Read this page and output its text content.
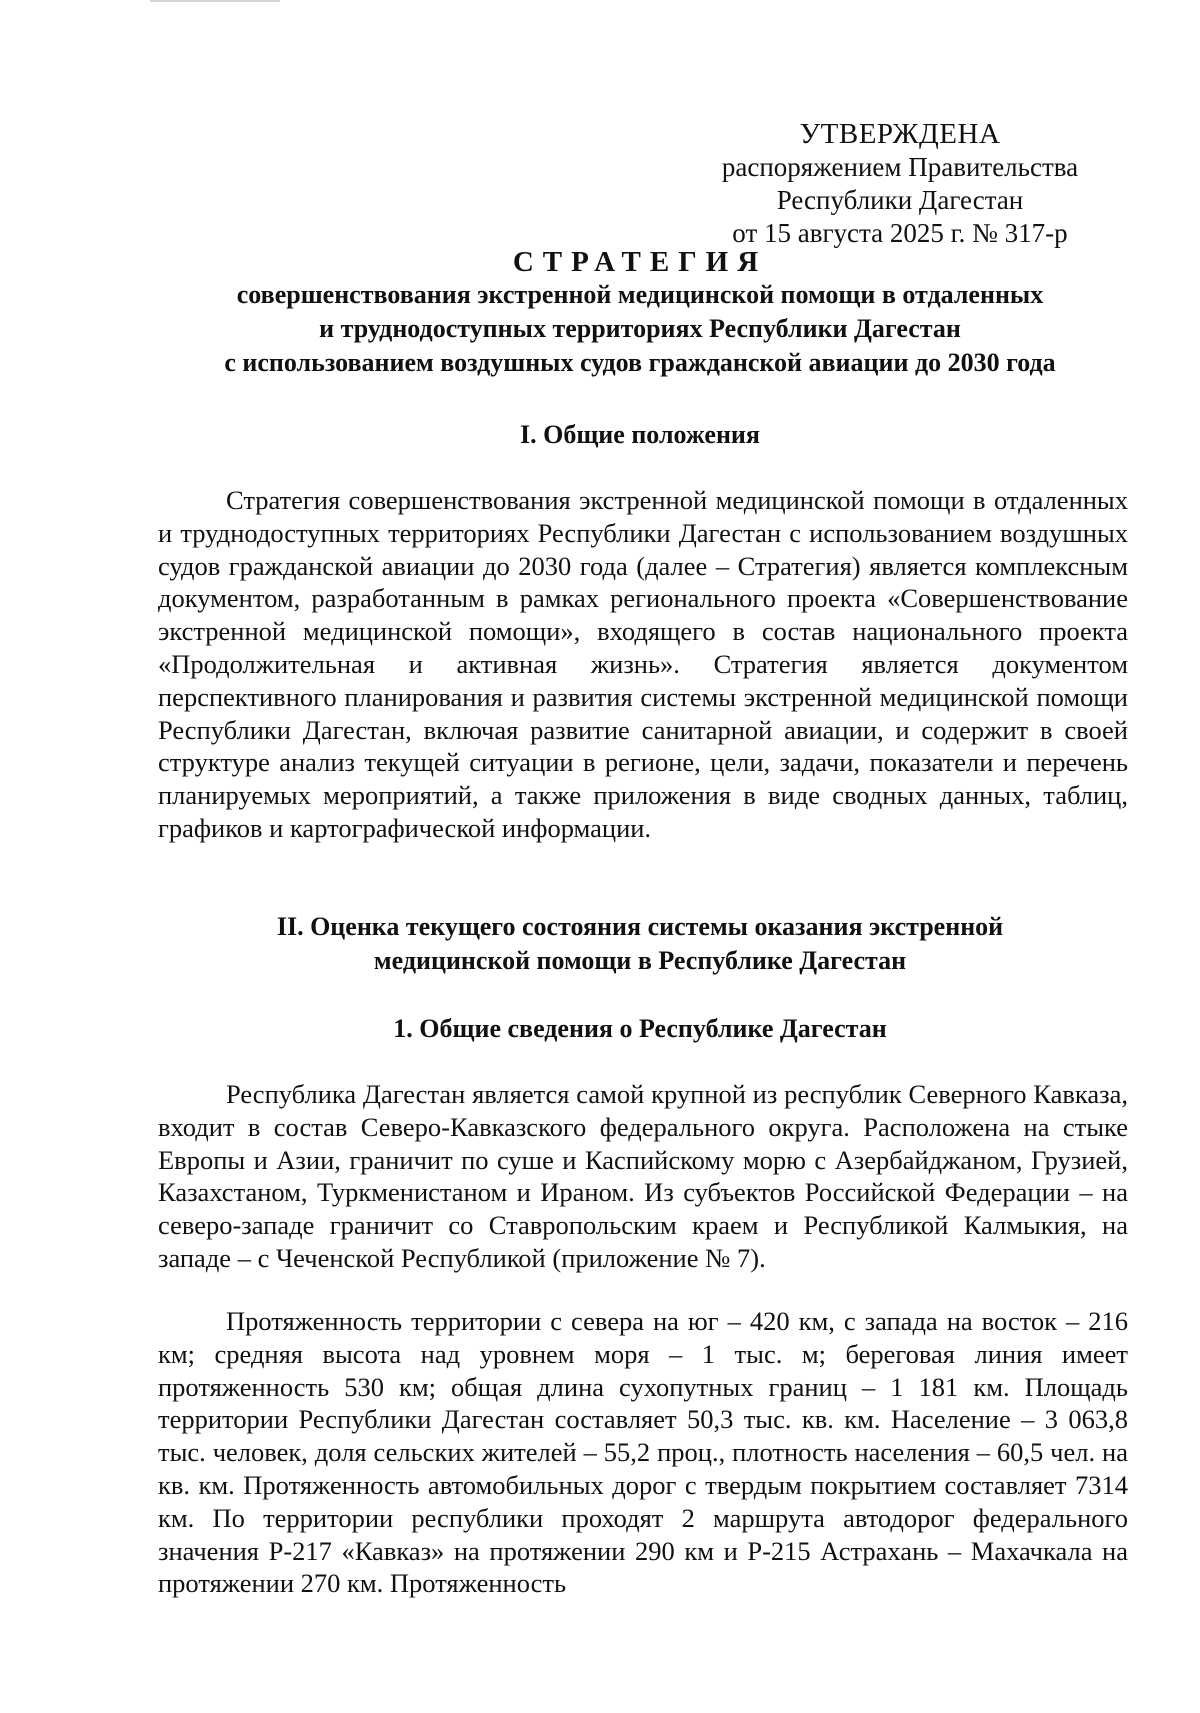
УТВЕРЖДЕНА
распоряжением Правительства
Республики Дагестан
от 15 августа 2025 г. № 317-р
СТРАТЕГИЯ
совершенствования экстренной медицинской помощи в отдаленных
и труднодоступных территориях Республики Дагестан
с использованием воздушных судов гражданской авиации до 2030 года
I. Общие положения

Стратегия совершенствования экстренной медицинской помощи в отдаленных и труднодоступных территориях Республики Дагестан с использованием воздушных судов гражданской авиации до 2030 года (далее – Стратегия) является комплексным документом, разработанным в рамках регионального проекта «Совершенствование экстренной медицинской помощи», входящего в состав национального проекта «Продолжительная и активная жизнь». Стратегия является документом перспективного планирования и развития системы экстренной медицинской помощи Республики Дагестан, включая развитие санитарной авиации, и содержит в своей структуре анализ текущей ситуации в регионе, цели, задачи, показатели и перечень планируемых мероприятий, а также приложения в виде сводных данных, таблиц, графиков и картографической информации.

II. Оценка текущего состояния системы оказания экстренной
медицинской помощи в Республике Дагестан
1. Общие сведения о Республике Дагестан

Республика Дагестан является самой крупной из республик Северного Кавказа, входит в состав Северо-Кавказского федерального округа. Расположена на стыке Европы и Азии, граничит по суше и Каспийскому морю с Азербайджаном, Грузией, Казахстаном, Туркменистаном и Ираном. Из субъектов Российской Федерации – на северо-западе граничит со Ставропольским краем и Республикой Калмыкия, на западе – с Чеченской Республикой (приложение № 7).

Протяженность территории с севера на юг – 420 км, с запада на восток – 216 км; средняя высота над уровнем моря – 1 тыс. м; береговая линия имеет протяженность 530 км; общая длина сухопутных границ – 1 181 км. Площадь территории Республики Дагестан составляет 50,3 тыс. кв. км. Население – 3 063,8 тыс. человек, доля сельских жителей – 55,2 проц., плотность населения – 60,5 чел. на кв. км. Протяженность автомобильных дорог с твердым покрытием составляет 7314 км. По территории республики проходят 2 маршрута автодорог федерального значения Р-217 «Кавказ» на протяжении 290 км и Р-215 Астрахань – Махачкала на протяжении 270 км. Протяженность
